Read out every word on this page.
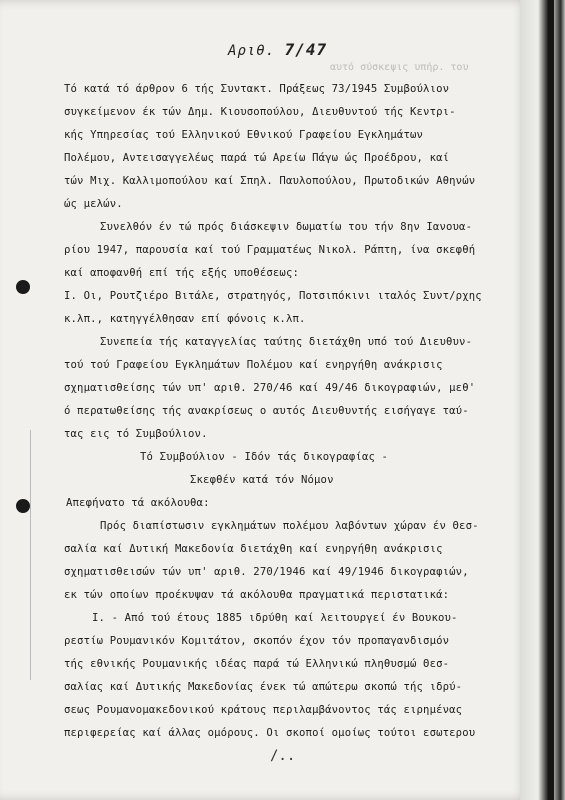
Αριθ. 7/47
αυτό σύσκεψις υπήρ. του
Τό κατά τό άρθρον 6 τής Συντακτ. Πράξεως 73/1945 Συμβούλιον
συγκείμενον έκ τών Δημ. Κιουσοπούλου, Διευθυντού τής Κεντρι-
κής Υπηρεσίας τού Ελληνικού Εθνικού Γραφείου Εγκλημάτων
Πολέμου, Αντεισαγγελέως παρά τώ Αρείω Πάγω ώς Προέδρου, καί
τών Μιχ. Καλλιμοπούλου καί Σπηλ. Παυλοπούλου, Πρωτοδικών Αθηνών
ώς μελών.
Συνελθόν έν τώ πρός διάσκεψιν δωματίω του τήν 8ην Ιανουα-
ρίου 1947, παρουσία καί τού Γραμματέως Νικολ. Ράπτη, ίνα σκεφθή
καί αποφανθή επί τής εξής υποθέσεως:
Ι. Οι, Ρουτζιέρο Βιτάλε, στρατηγός, Ποτσιπόκινι ιταλός Συντ/ρχης
κ.λπ., κατηγγέλθησαν επί φόνοις κ.λπ.
Συνεπεία τής καταγγελίας ταύτης διετάχθη υπό τού Διευθυν-
τού τού Γραφείου Εγκλημάτων Πολέμου καί ενηργήθη ανάκρισις
σχηματισθείσης τών υπ' αριθ. 270/46 καί 49/46 δικογραφιών, μεθ'
ό περατωθείσης τής ανακρίσεως ο αυτός Διευθυντής εισήγαγε ταύ-
τας εις τό Συμβούλιον.
Τό Συμβούλιον - Ιδόν τάς δικογραφίας -
Σκεφθέν κατά τόν Νόμον
Απεφήνατο τά ακόλουθα:
Πρός διαπίστωσιν εγκλημάτων πολέμου λαβόντων χώραν έν Θεσ-
σαλία καί Δυτική Μακεδονία διετάχθη καί ενηργήθη ανάκρισις
σχηματισθεισών τών υπ' αριθ. 270/1946 καί 49/1946 δικογραφιών,
εκ τών οποίων προέκυψαν τά ακόλουθα πραγματικά περιστατικά:
Ι. - Από τού έτους 1885 ιδρύθη καί λειτουργεί έν Βουκου-
ρεστίω Ρουμανικόν Κομιτάτον, σκοπόν έχον τόν προπαγανδισμόν
τής εθνικής Ρουμανικής ιδέας παρά τώ Ελληνικώ πληθυσμώ Θεσ-
σαλίας καί Δυτικής Μακεδονίας ένεκ τώ απώτερω σκοπώ τής ιδρύ-
σεως Ρουμανομακεδονικού κράτους περιλαμβάνοντος τάς ειρημένας
περιφερείας καί άλλας ομόρους. Οι σκοποί ομοίως τούτοι εσωτερου
/..
